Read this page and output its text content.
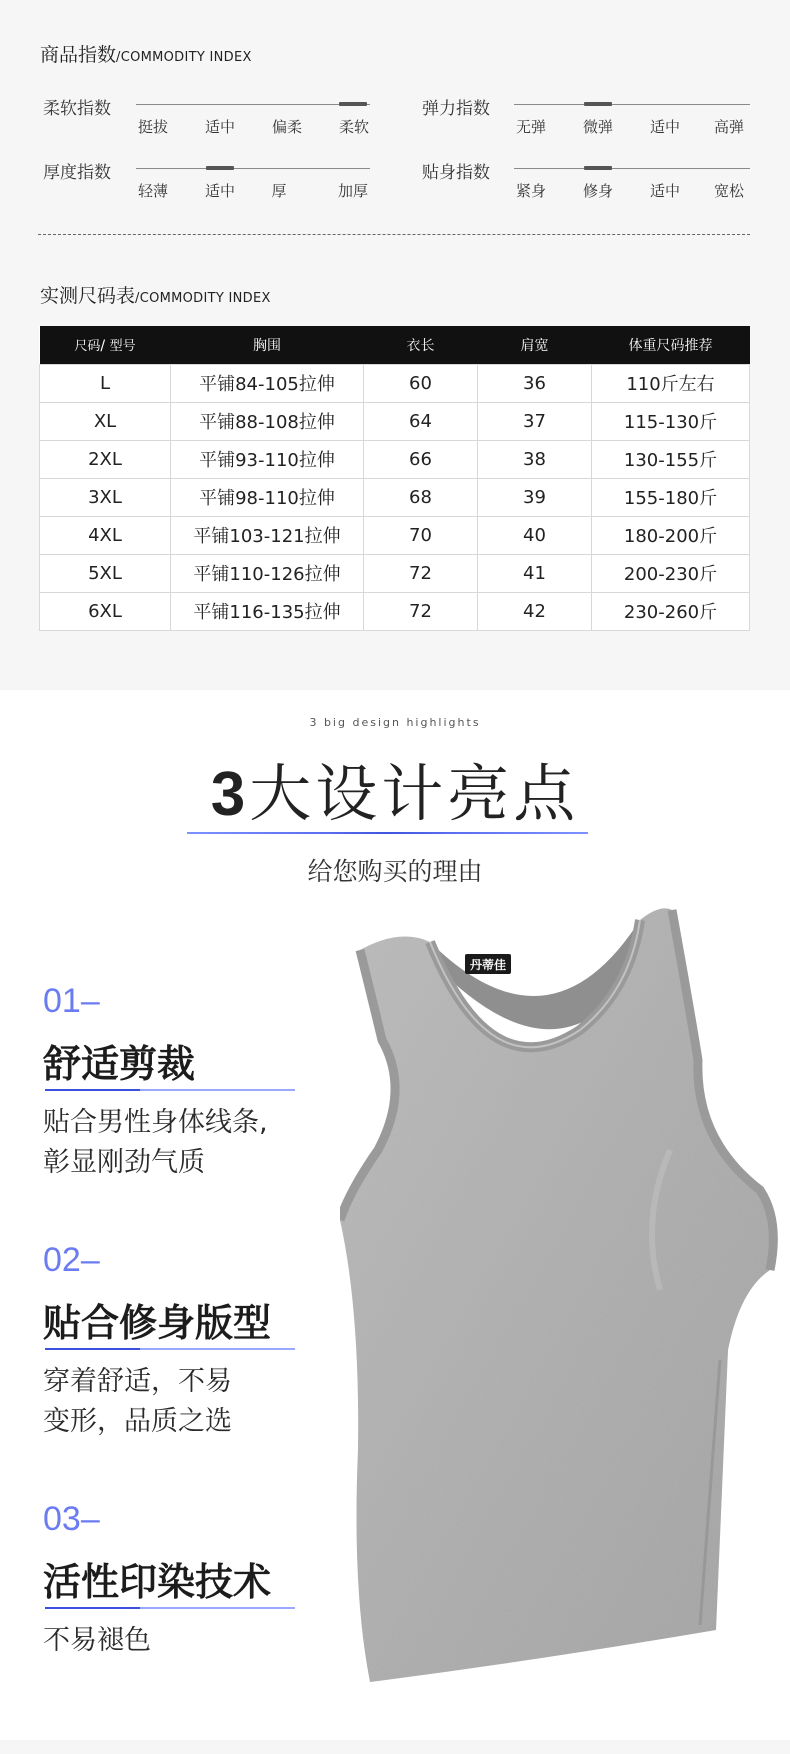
商品指数/COMMODITY INDEX
柔软指数
挺拔 适中 偏柔 柔软
弹力指数
无弹 微弹 适中 高弹
厚度指数
轻薄 适中 厚	加厚
贴身指数
紧身 修身 适中 宽松
实测尺码表/COMMODITY INDEX
尺码/ 型号	胸围	衣长	肩宽	体重尺码推荐
L	平铺84-105拉伸	60	36	110斤左右
XL	平铺88-108拉伸	64	37	115-130斤
2XL	平铺93-110拉伸	66	38	130-155斤
3XL	平铺98-110拉伸	68	39	155-180斤
4XL	平铺103-121拉伸	70	40	180-200斤
5XL	平铺110-126拉伸	72	41	200-230斤
6XL	平铺116-135拉伸	72	42	230-260斤
3 big design highlights
3大设计亮点
给您购买的理由
丹蒂佳
01–
舒适剪裁
贴合男性身体线条,
彰显刚劲气质
02–
贴合修身版型
穿着舒适，不易
变形，品质之选
03–
活性印染技术
不易褪色
